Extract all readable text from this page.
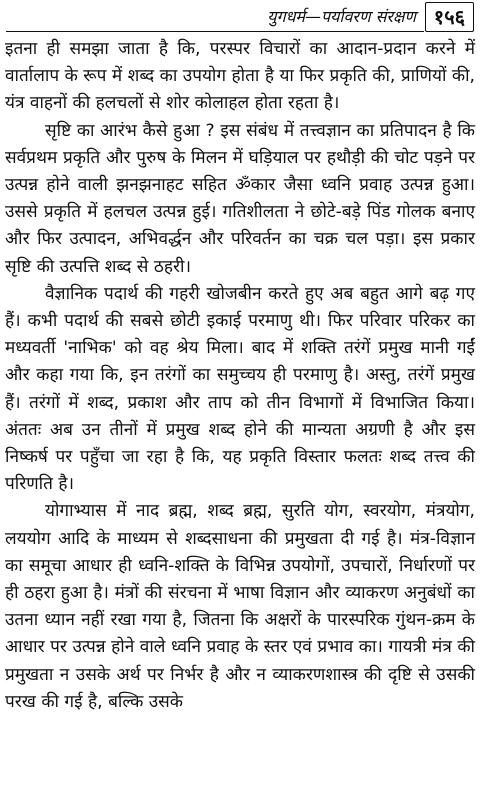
युगधर्म—पर्यावरण संरक्षण १५६

इतना ही समझा जाता है कि, परस्पर विचारों का आदान-प्रदान करने में वार्तालाप के रूप में शब्द का उपयोग होता है या फिर प्रकृति की, प्राणियों की, यंत्र वाहनों की हलचलों से शोर कोलाहल होता रहता है।

सृष्टि का आरंभ कैसे हुआ ? इस संबंध में तत्त्वज्ञान का प्रतिपादन है कि सर्वप्रथम प्रकृति और पुरुष के मिलन में घड़ियाल पर हथौड़ी की चोट पड़ने पर उत्पन्न होने वाली झनझनाहट सहित ॐकार जैसा ध्वनि प्रवाह उत्पन्न हुआ। उससे प्रकृति में हलचल उत्पन्न हुई। गतिशीलता ने छोटे-बड़े पिंड गोलक बनाए और फिर उत्पादन, अभिवर्द्धन और परिवर्तन का चक्र चल पड़ा। इस प्रकार सृष्टि की उत्पत्ति शब्द से ठहरी।

वैज्ञानिक पदार्थ की गहरी खोजबीन करते हुए अब बहुत आगे बढ़ गए हैं। कभी पदार्थ की सबसे छोटी इकाई परमाणु थी। फिर परिवार परिकर का मध्यवर्ती 'नाभिक' को वह श्रेय मिला। बाद में शक्ति तरंगें प्रमुख मानी गईं और कहा गया कि, इन तरंगों का समुच्चय ही परमाणु है। अस्तु, तरंगें प्रमुख हैं। तरंगों में शब्द, प्रकाश और ताप को तीन विभागों में विभाजित किया। अंततः अब उन तीनों में प्रमुख शब्द होने की मान्यता अग्रणी है और इस निष्कर्ष पर पहुँचा जा रहा है कि, यह प्रकृति विस्तार फलतः शब्द तत्त्व की परिणति है।

योगाभ्यास में नाद ब्रह्म, शब्द ब्रह्म, सुरति योग, स्वरयोग, मंत्रयोग, लययोग आदि के माध्यम से शब्दसाधना की प्रमुखता दी गई है। मंत्र-विज्ञान का समूचा आधार ही ध्वनि-शक्ति के विभिन्न उपयोगों, उपचारों, निर्धारणों पर ही ठहरा हुआ है। मंत्रों की संरचना में भाषा विज्ञान और व्याकरण अनुबंधों का उतना ध्यान नहीं रखा गया है, जितना कि अक्षरों के पारस्परिक गुंथन-क्रम के आधार पर उत्पन्न होने वाले ध्वनि प्रवाह के स्तर एवं प्रभाव का। गायत्री मंत्र की प्रमुखता न उसके अर्थ पर निर्भर है और न व्याकरणशास्त्र की दृष्टि से उसकी परख की गई है, बल्कि उसके
